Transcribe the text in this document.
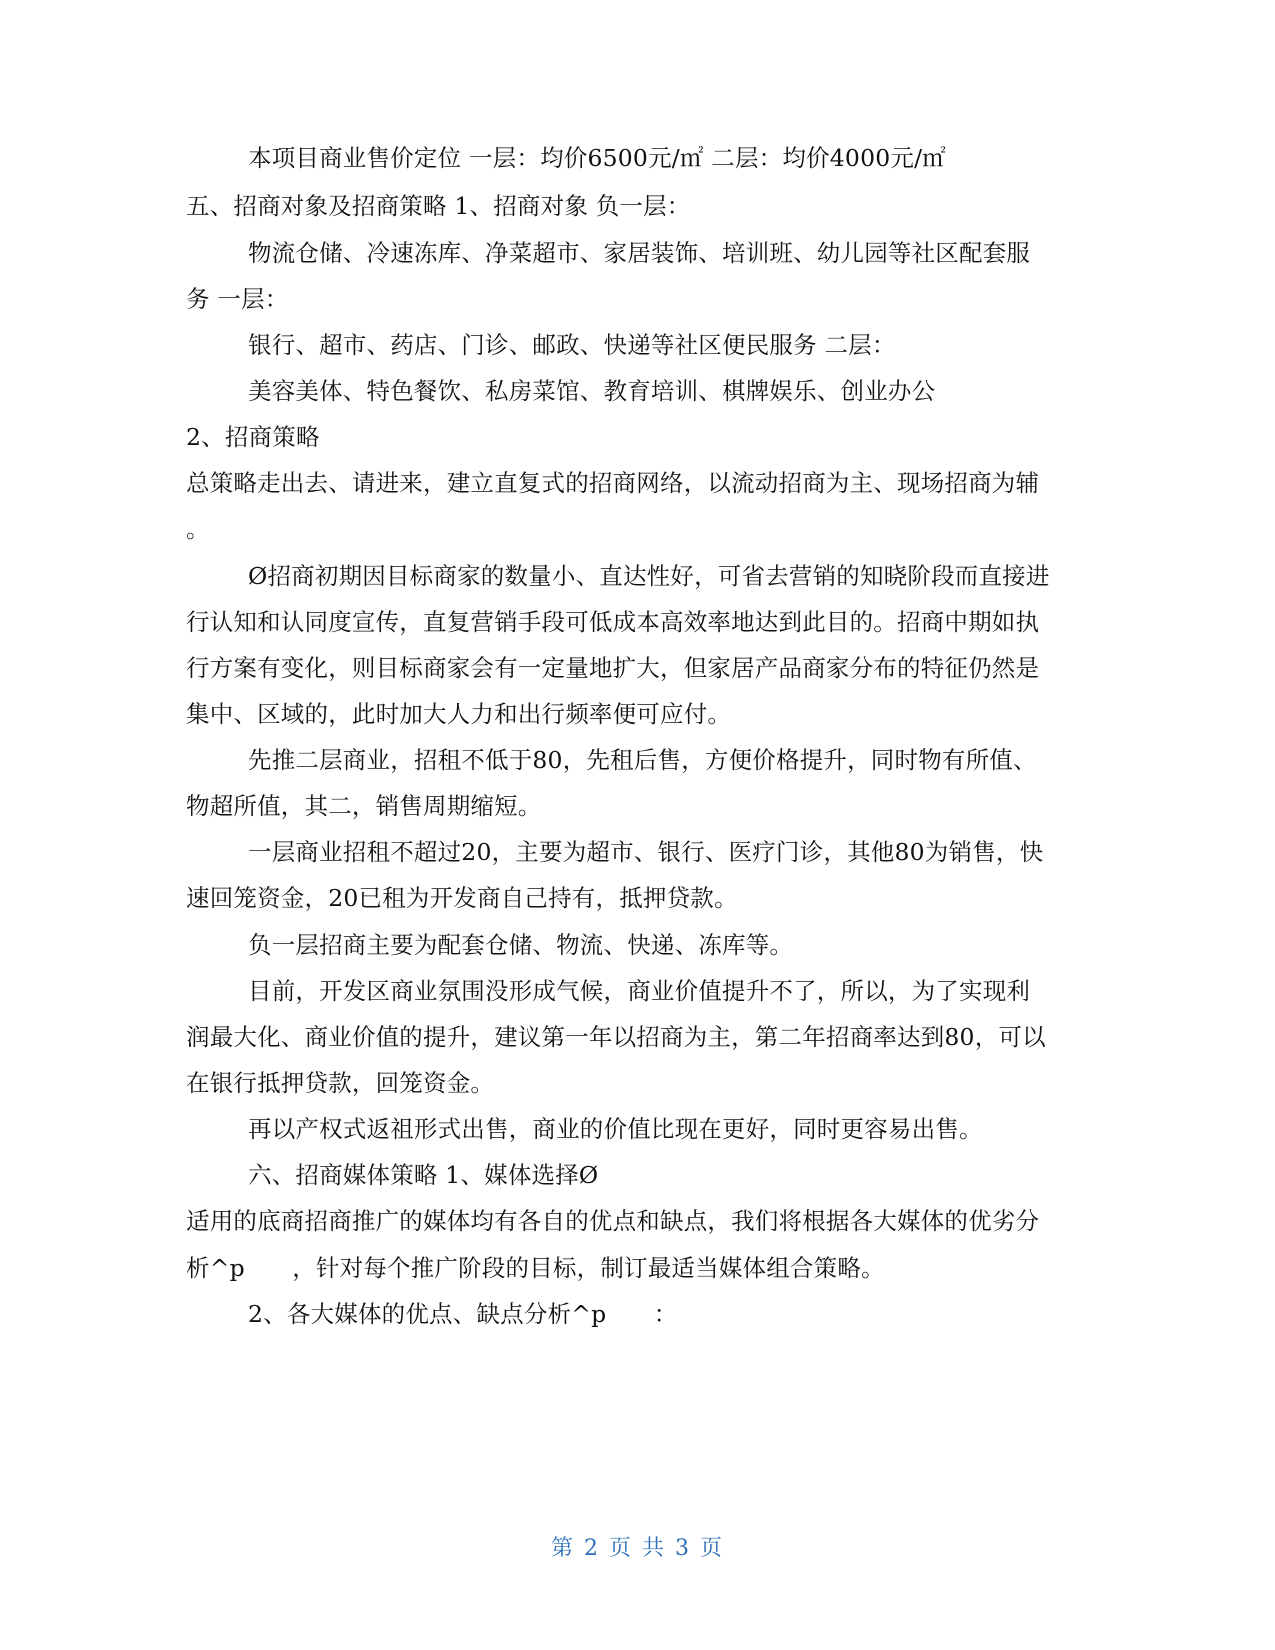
本项目商业售价定位 一层：均价6500元/㎡ 二层：均价4000元/㎡
五、招商对象及招商策略 1、招商对象 负一层：
物流仓储、冷速冻库、净菜超市、家居装饰、培训班、幼儿园等社区配套服
务 一层：
银行、超市、药店、门诊、邮政、快递等社区便民服务 二层：
美容美体、特色餐饮、私房菜馆、教育培训、棋牌娱乐、创业办公
2、招商策略
总策略走出去、请进来，建立直复式的招商网络，以流动招商为主、现场招商为辅
。
Ø招商初期因目标商家的数量小、直达性好，可省去营销的知晓阶段而直接进
行认知和认同度宣传，直复营销手段可低成本高效率地达到此目的。招商中期如执
行方案有变化，则目标商家会有一定量地扩大，但家居产品商家分布的特征仍然是
集中、区域的，此时加大人力和出行频率便可应付。
先推二层商业，招租不低于80，先租后售，方便价格提升，同时物有所值、
物超所值，其二，销售周期缩短。
一层商业招租不超过20，主要为超市、银行、医疗门诊，其他80为销售，快
速回笼资金，20已租为开发商自己持有，抵押贷款。
负一层招商主要为配套仓储、物流、快递、冻库等。
目前，开发区商业氛围没形成气候，商业价值提升不了，所以，为了实现利
润最大化、商业价值的提升，建议第一年以招商为主，第二年招商率达到80，可以
在银行抵押贷款，回笼资金。
再以产权式返祖形式出售，商业的价值比现在更好，同时更容易出售。
六、招商媒体策略 1、媒体选择Ø
适用的底商招商推广的媒体均有各自的优点和缺点，我们将根据各大媒体的优劣分
析^p　　，针对每个推广阶段的目标，制订最适当媒体组合策略。
2、各大媒体的优点、缺点分析^p　　：
第 2 页 共 3 页
